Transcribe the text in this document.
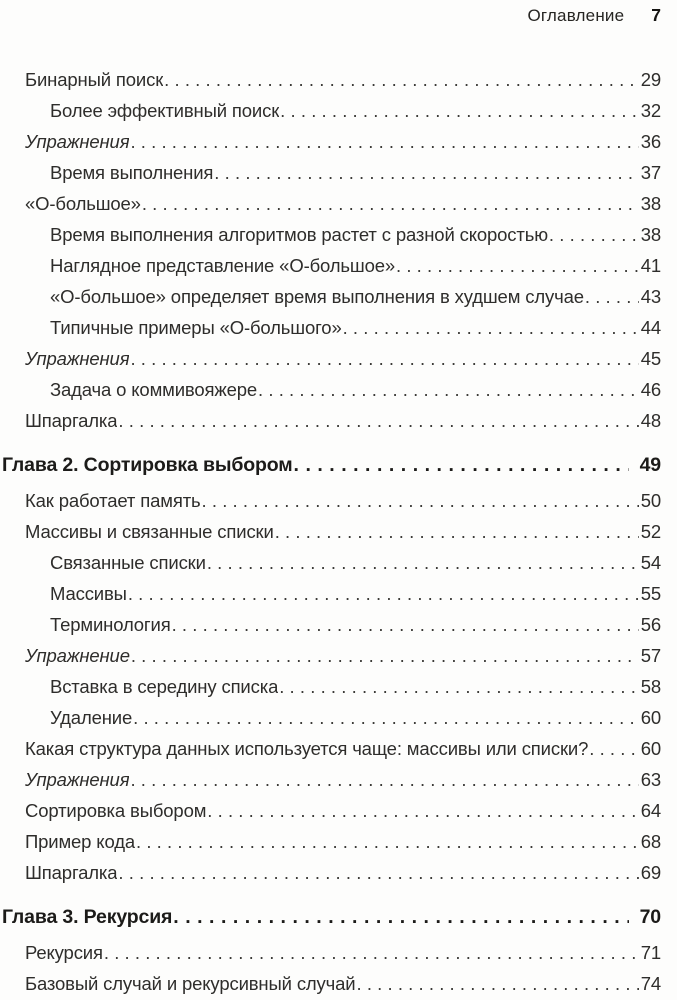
Оглавление 7
Бинарный поиск .....	29
Более эффективный поиск .....	32
Упражнения .....	36
Время выполнения .....	37
«О-большое» .....	38
Время выполнения алгоритмов растет с разной скоростью .....	38
Наглядное представление «О-большое» .....	41
«О-большое» определяет время выполнения в худшем случае .....	43
Типичные примеры «О-большого» .....	44
Упражнения .....	45
Задача о коммивояжере .....	46
Шпаргалка .....	48
Глава 2. Сортировка выбором .....	49
Как работает память .....	50
Массивы и связанные списки .....	52
Связанные списки .....	54
Массивы .....	55
Терминология .....	56
Упражнение .....	57
Вставка в середину списка .....	58
Удаление .....	60
Какая структура данных используется чаще: массивы или списки? .....	60
Упражнения .....	63
Сортировка выбором .....	64
Пример кода .....	68
Шпаргалка .....	69
Глава 3. Рекурсия .....	70
Рекурсия .....	71
Базовый случай и рекурсивный случай .....	74
